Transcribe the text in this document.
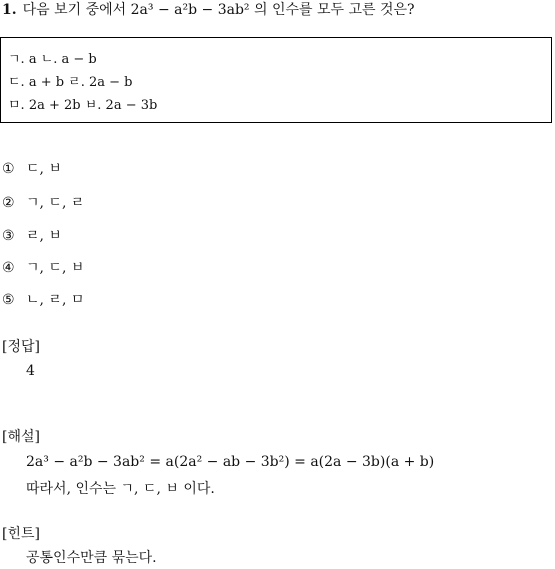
1. 다음 보기 중에서 2a³ − a²b − 3ab² 의 인수를 모두 고른 것은?
ㄱ. a ㄴ. a − b
ㄷ. a + b ㄹ. 2a − b
ㅁ. 2a + 2b ㅂ. 2a − 3b
① ㄷ, ㅂ
② ㄱ, ㄷ, ㄹ
③ ㄹ, ㅂ
④ ㄱ, ㄷ, ㅂ
⑤ ㄴ, ㄹ, ㅁ
[정답]
4
[해설]
2a³ − a²b − 3ab² = a(2a² − ab − 3b²) = a(2a − 3b)(a + b)
따라서, 인수는 ㄱ, ㄷ, ㅂ 이다.
[힌트]
공통인수만큼 묶는다.
